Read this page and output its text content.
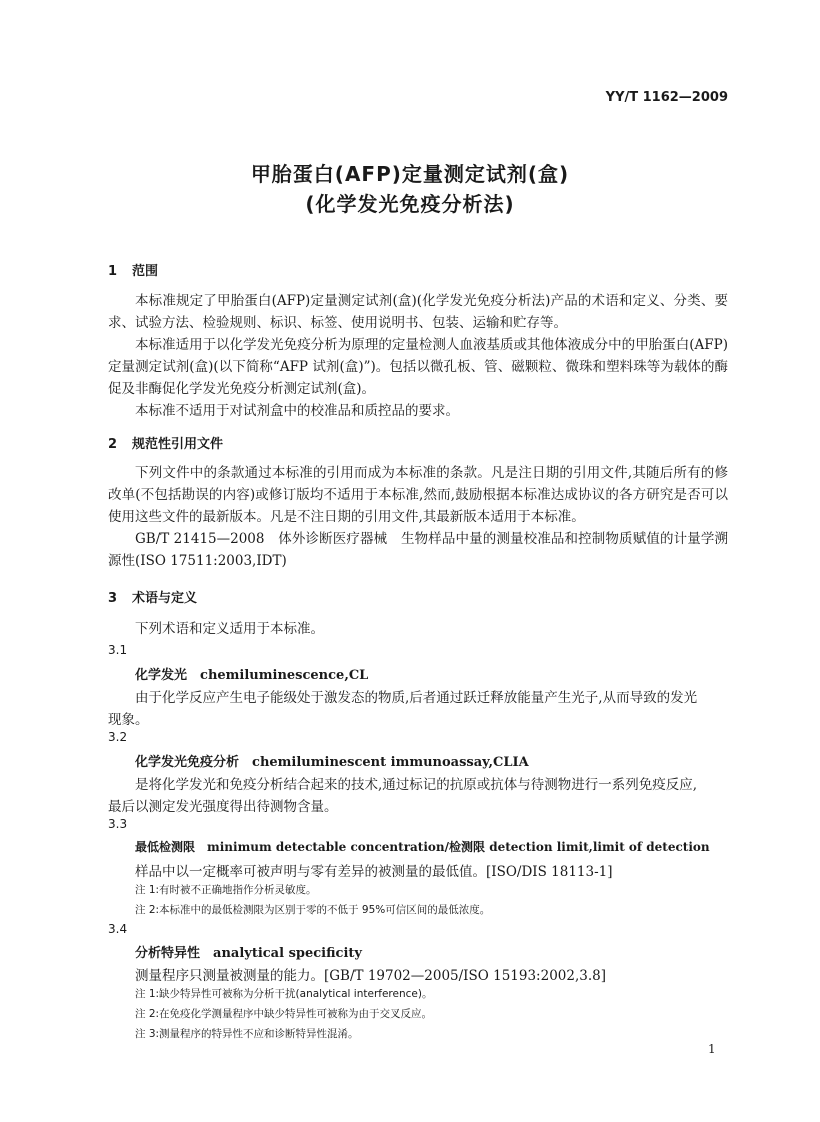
YY/T 1162—2009
甲胎蛋白(AFP)定量测定试剂(盒)
(化学发光免疫分析法)
1 范围
本标准规定了甲胎蛋白(AFP)定量测定试剂(盒)(化学发光免疫分析法)产品的术语和定义、分类、要求、试验方法、检验规则、标识、标签、使用说明书、包装、运输和贮存等。
本标准适用于以化学发光免疫分析为原理的定量检测人血液基质或其他体液成分中的甲胎蛋白(AFP)定量测定试剂(盒)(以下简称“AFP 试剂(盒)”)。包括以微孔板、管、磁颗粒、微珠和塑料珠等为载体的酶促及非酶促化学发光免疫分析测定试剂(盒)。
本标准不适用于对试剂盒中的校准品和质控品的要求。
2 规范性引用文件
下列文件中的条款通过本标准的引用而成为本标准的条款。凡是注日期的引用文件,其随后所有的修改单(不包括勘误的内容)或修订版均不适用于本标准,然而,鼓励根据本标准达成协议的各方研究是否可以使用这些文件的最新版本。凡是不注日期的引用文件,其最新版本适用于本标准。
GB/T 21415—2008　体外诊断医疗器械　生物样品中量的测量校准品和控制物质赋值的计量学溯源性(ISO 17511:2003,IDT)
3 术语与定义
下列术语和定义适用于本标准。
3.1
化学发光　 chemiluminescence,CL
由于化学反应产生电子能级处于激发态的物质,后者通过跃迁释放能量产生光子,从而导致的发光
现象。
3.2
化学发光免疫分析　 chemiluminescent immunoassay,CLIA
是将化学发光和免疫分析结合起来的技术,通过标记的抗原或抗体与待测物进行一系列免疫反应,
最后以测定发光强度得出待测物含量。
3.3
最低检测限　 minimum detectable concentration/检测限 detection limit,limit of detection
样品中以一定概率可被声明与零有差异的被测量的最低值。[ISO/DIS 18113-1]
注 1:有时被不正确地指作分析灵敏度。
注 2:本标准中的最低检测限为区别于零的不低于 95%可信区间的最低浓度。
3.4
分析特异性　 analytical specificity
测量程序只测量被测量的能力。[GB/T 19702—2005/ISO 15193:2002,3.8]
注 1:缺少特异性可被称为分析干扰(analytical interference)。
注 2:在免疫化学测量程序中缺少特异性可被称为由于交叉反应。
注 3:测量程序的特异性不应和诊断特异性混淆。
1
